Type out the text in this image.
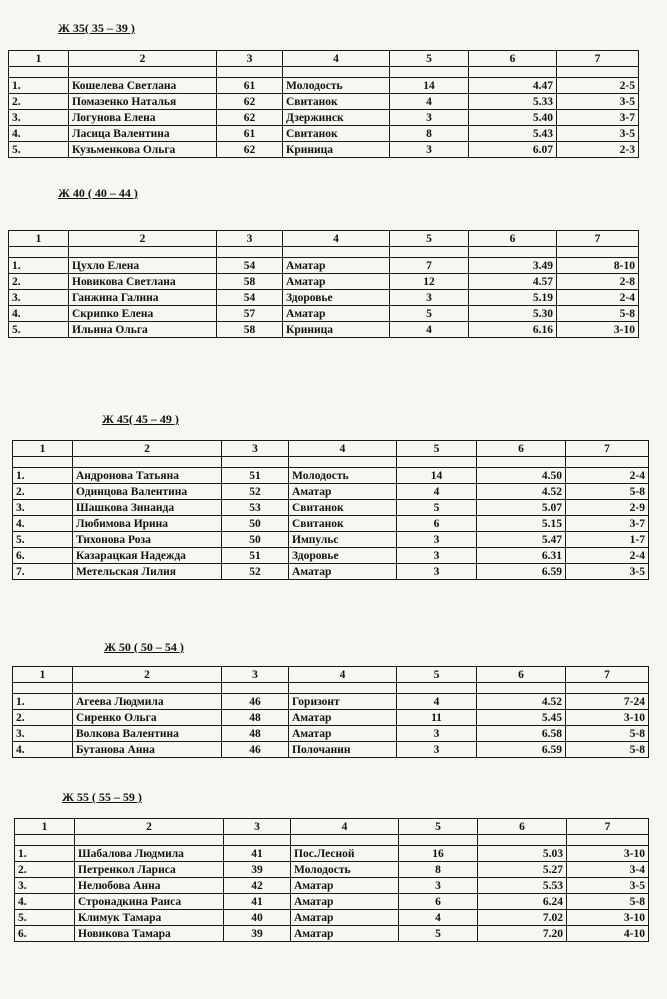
Ж 35( 35 – 39 )
1	2	3	4	5	6	7

1.	Кошелева Светлана	61	Молодость	14	4.47	2-5
2.	Помазенко Наталья	62	Свитанок	4	5.33	3-5
3.	Логунова Елена	62	Дзержинск	3	5.40	3-7
4.	Ласица Валентина	61	Свитанок	8	5.43	3-5
5.	Кузьменкова Ольга	62	Криница	3	6.07	2-3
Ж 40 ( 40 – 44 )
1	2	3	4	5	6	7

1.	Цухло Елена	54	Аматар	7	3.49	8-10
2.	Новикова Светлана	58	Аматар	12	4.57	2-8
3.	Ганжина Галина	54	Здоровье	3	5.19	2-4
4.	Скрипко Елена	57	Аматар	5	5.30	5-8
5.	Ильина Ольга	58	Криница	4	6.16	3-10
Ж 45( 45 – 49 )
1	2	3	4	5	6	7

1.	Андронова Татьяна	51	Молодость	14	4.50	2-4
2.	Одинцова Валентина	52	Аматар	4	4.52	5-8
3.	Шашкова Зинаида	53	Свитанок	5	5.07	2-9
4.	Любимова Ирина	50	Свитанок	6	5.15	3-7
5.	Тихонова Роза	50	Импульс	3	5.47	1-7
6.	Казарацкая Надежда	51	Здоровье	3	6.31	2-4
7.	Метельская Лилия	52	Аматар	3	6.59	3-5
Ж 50 ( 50 – 54 )
1	2	3	4	5	6	7

1.	Агеева Людмила	46	Горизонт	4	4.52	7-24
2.	Сиренко Ольга	48	Аматар	11	5.45	3-10
3.	Волкова Валентина	48	Аматар	3	6.58	5-8
4.	Бутанова Анна	46	Полочанин	3	6.59	5-8
Ж 55 ( 55 – 59 )
1	2	3	4	5	6	7

1.	Шабалова Людмила	41	Пос.Лесной	16	5.03	3-10
2.	Петренкол Лариса	39	Молодость	8	5.27	3-4
3.	Нелюбова Анна	42	Аматар	3	5.53	3-5
4.	Стронадкина Раиса	41	Аматар	6	6.24	5-8
5.	Климук Тамара	40	Аматар	4	7.02	3-10
6.	Новикова Тамара	39	Аматар	5	7.20	4-10
